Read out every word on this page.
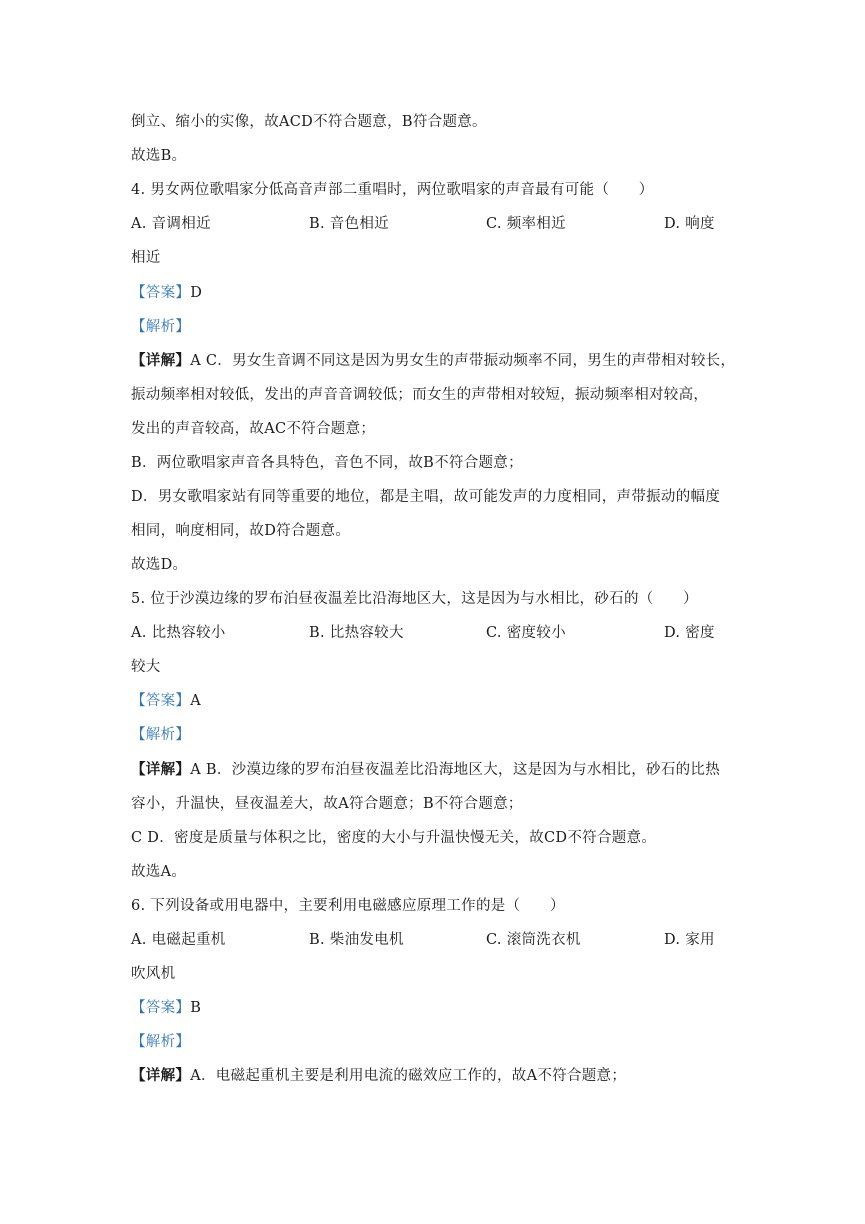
倒立、缩小的实像，故ACD不符合题意，B符合题意。
故选B。
4. 男女两位歌唱家分低高音声部二重唱时，两位歌唱家的声音最有可能（　　）
A. 音调相近	B. 音色相近	C. 频率相近	D. 响度
相近
【答案】D
【解析】
【详解】A C．男女生音调不同这是因为男女生的声带振动频率不同，男生的声带相对较长，
振动频率相对较低，发出的声音音调较低；而女生的声带相对较短，振动频率相对较高，
发出的声音较高，故AC不符合题意；
B．两位歌唱家声音各具特色，音色不同，故B不符合题意；
D．男女歌唱家站有同等重要的地位，都是主唱，故可能发声的力度相同，声带振动的幅度
相同，响度相同，故D符合题意。
故选D。
5. 位于沙漠边缘的罗布泊昼夜温差比沿海地区大，这是因为与水相比，砂石的（　　）
A. 比热容较小	B. 比热容较大	C. 密度较小	D. 密度
较大
【答案】A
【解析】
【详解】A B．沙漠边缘的罗布泊昼夜温差比沿海地区大，这是因为与水相比，砂石的比热
容小，升温快，昼夜温差大，故A符合题意；B不符合题意；
C D．密度是质量与体积之比，密度的大小与升温快慢无关，故CD不符合题意。
故选A。
6. 下列设备或用电器中，主要利用电磁感应原理工作的是（　　）
A. 电磁起重机	B. 柴油发电机	C. 滚筒洗衣机	D. 家用
吹风机
【答案】B
【解析】
【详解】A．电磁起重机主要是利用电流的磁效应工作的，故A不符合题意；
